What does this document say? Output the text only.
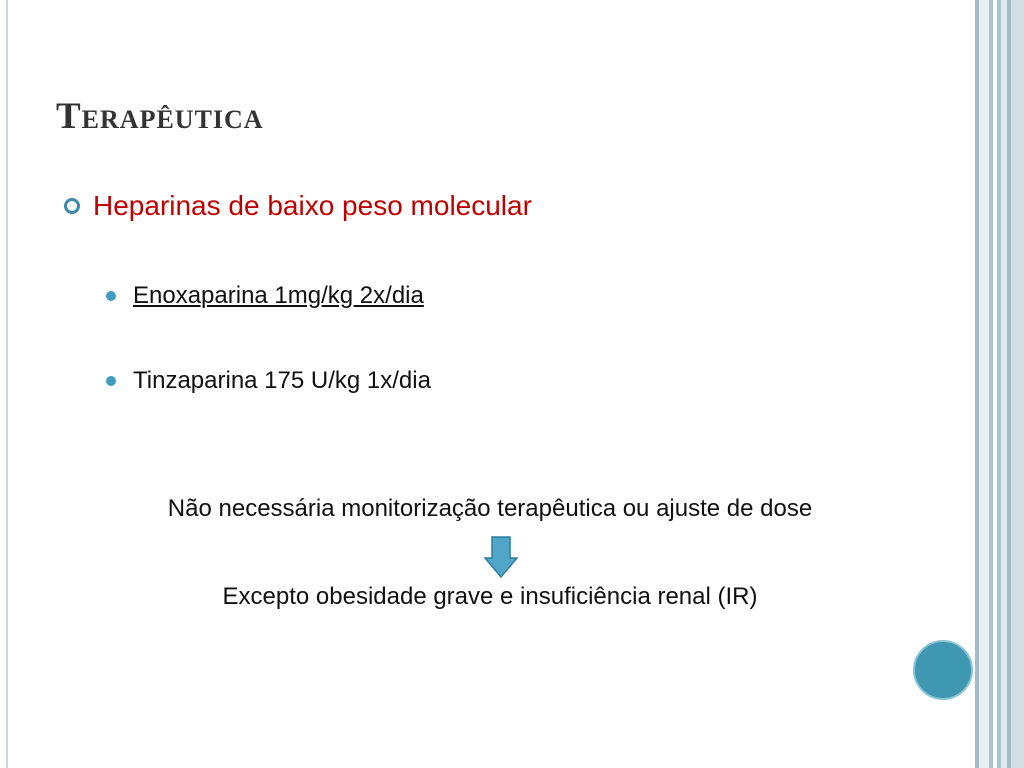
Terapêutica
Heparinas de baixo peso molecular
Enoxaparina 1mg/kg 2x/dia
Tinzaparina 175 U/kg 1x/dia
Não necessária monitorização terapêutica ou ajuste de dose
Excepto obesidade grave e insuficiência renal (IR)
